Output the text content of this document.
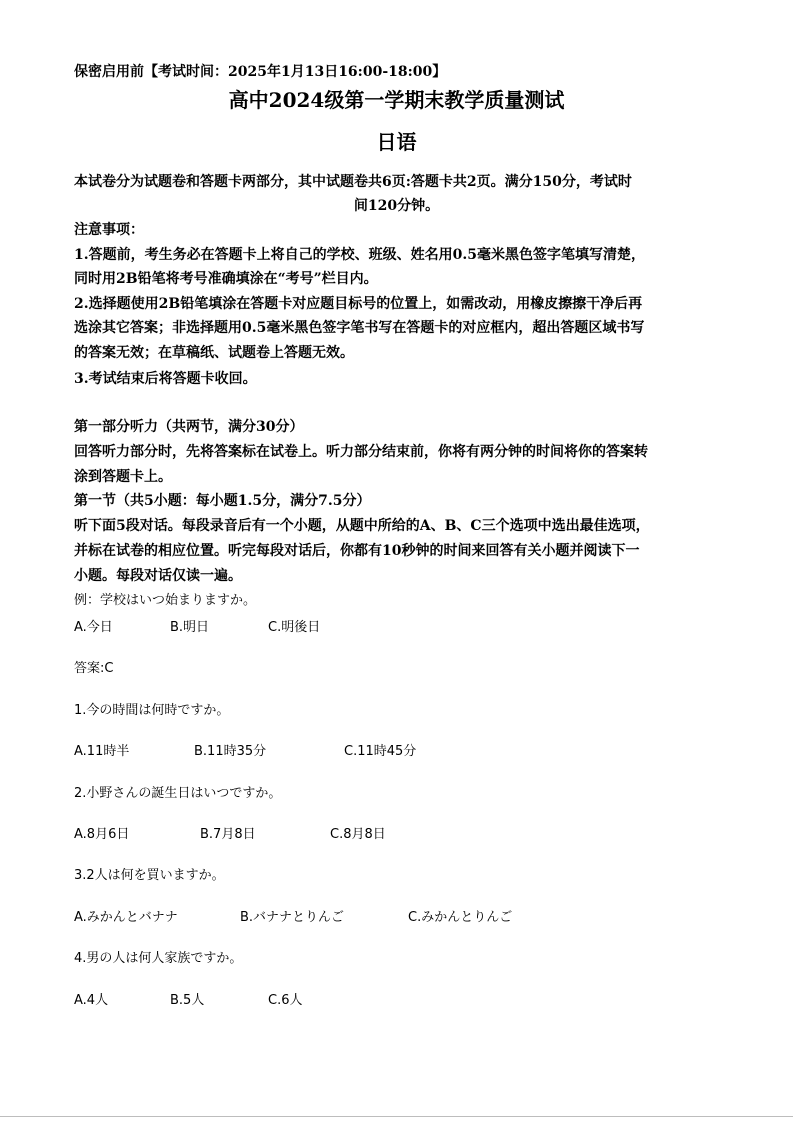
保密启用前【考试时间：2025年1月13日16:00-18:00】
高中2024级第一学期末教学质量测试
日语
本试卷分为试题卷和答题卡两部分，其中试题卷共6页:答题卡共2页。满分150分，考试时
间120分钟。
注意事项：
1.答题前，考生务必在答题卡上将自己的学校、班级、姓名用0.5毫米黑色签字笔填写清楚，
同时用2B铅笔将考号准确填涂在“考号”栏目内。
2.选择题使用2B铅笔填涂在答题卡对应题目标号的位置上，如需改动，用橡皮擦擦干净后再
选涂其它答案；非选择题用0.5毫米黑色签字笔书写在答题卡的对应框内，超出答题区域书写
的答案无效；在草稿纸、试题卷上答题无效。
3.考试结束后将答题卡收回。
第一部分听力（共两节，满分30分）
回答听力部分时，先将答案标在试卷上。听力部分结束前，你将有两分钟的时间将你的答案转
涂到答题卡上。
第一节（共5小题：每小题1.5分，满分7.5分）
听下面5段对话。每段录音后有一个小题，从题中所给的A、B、C三个选项中选出最佳选项，
并标在试卷的相应位置。听完每段对话后，你都有10秒钟的时间来回答有关小题并阅读下一
小题。每段对话仅读一遍。
例：学校はいつ始まりますか。
A.今日	B.明日	C.明後日
答案:C
1.今の時間は何時ですか。
A.11時半	B.11時35分	C.11時45分
2.小野さんの誕生日はいつですか。
A.8月6日	B.7月8日	C.8月8日
3.2人は何を買いますか。
A.みかんとバナナ	B.バナナとりんご	C.みかんとりんご
4.男の人は何人家族ですか。
A.4人	B.5人	C.6人
